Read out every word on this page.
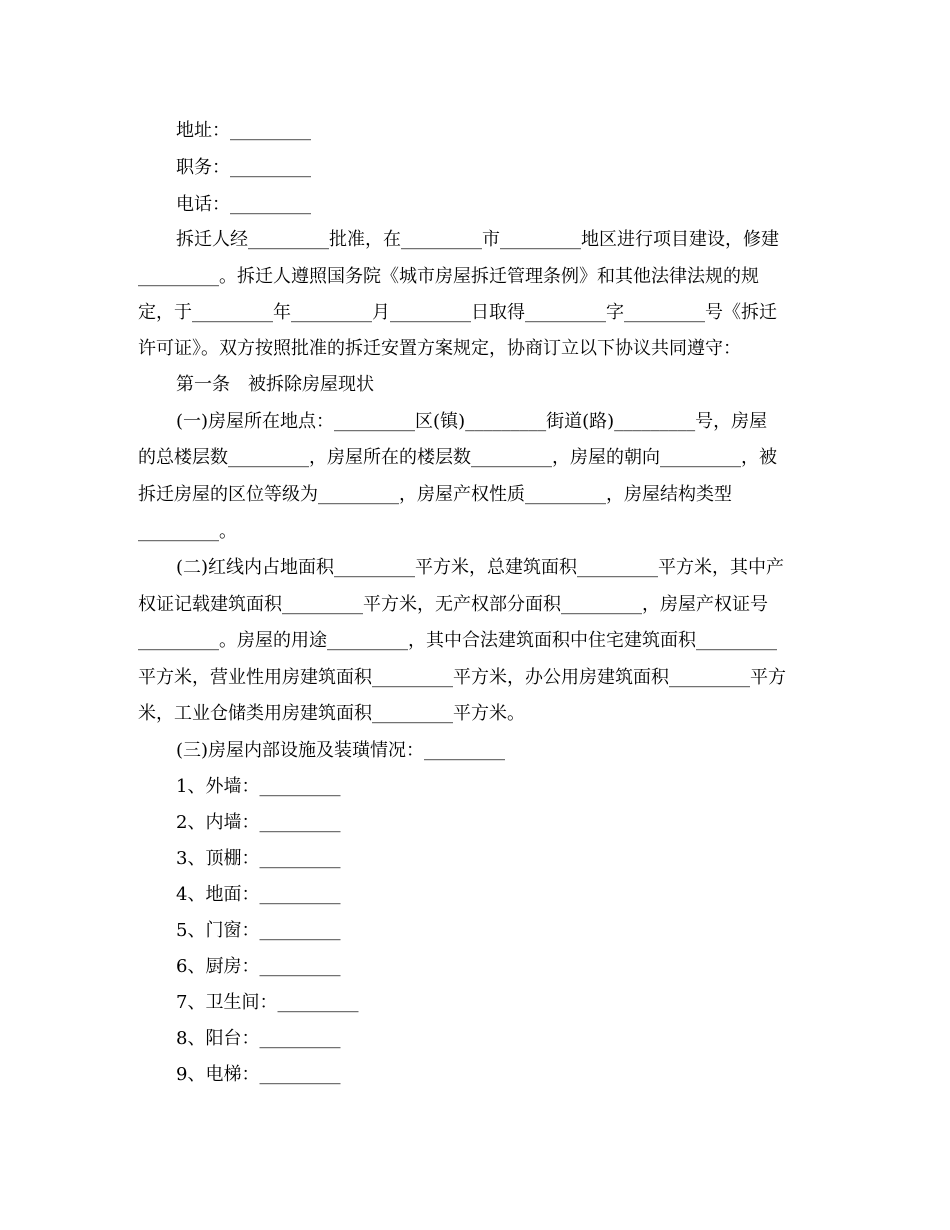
地址：_________
职务：_________
电话：_________
拆迁人经_________批准，在_________市_________地区进行项目建设，修建
_________。拆迁人遵照国务院《城市房屋拆迁管理条例》和其他法律法规的规
定，于_________年_________月_________日取得_________字_________号《拆迁
许可证》。双方按照批准的拆迁安置方案规定，协商订立以下协议共同遵守：
第一条　被拆除房屋现状
(一)房屋所在地点：_________区(镇)_________街道(路)_________号，房屋
的总楼层数_________，房屋所在的楼层数_________，房屋的朝向_________，被
拆迁房屋的区位等级为_________，房屋产权性质_________，房屋结构类型
_________。
(二)红线内占地面积_________平方米，总建筑面积_________平方米，其中产
权证记载建筑面积_________平方米，无产权部分面积_________，房屋产权证号
_________。房屋的用途_________，其中合法建筑面积中住宅建筑面积_________
平方米，营业性用房建筑面积_________平方米，办公用房建筑面积_________平方
米，工业仓储类用房建筑面积_________平方米。
(三)房屋内部设施及装璜情况：_________
1、外墙：_________
2、内墙：_________
3、顶棚：_________
4、地面：_________
5、门窗：_________
6、厨房：_________
7、卫生间：_________
8、阳台：_________
9、电梯：_________
